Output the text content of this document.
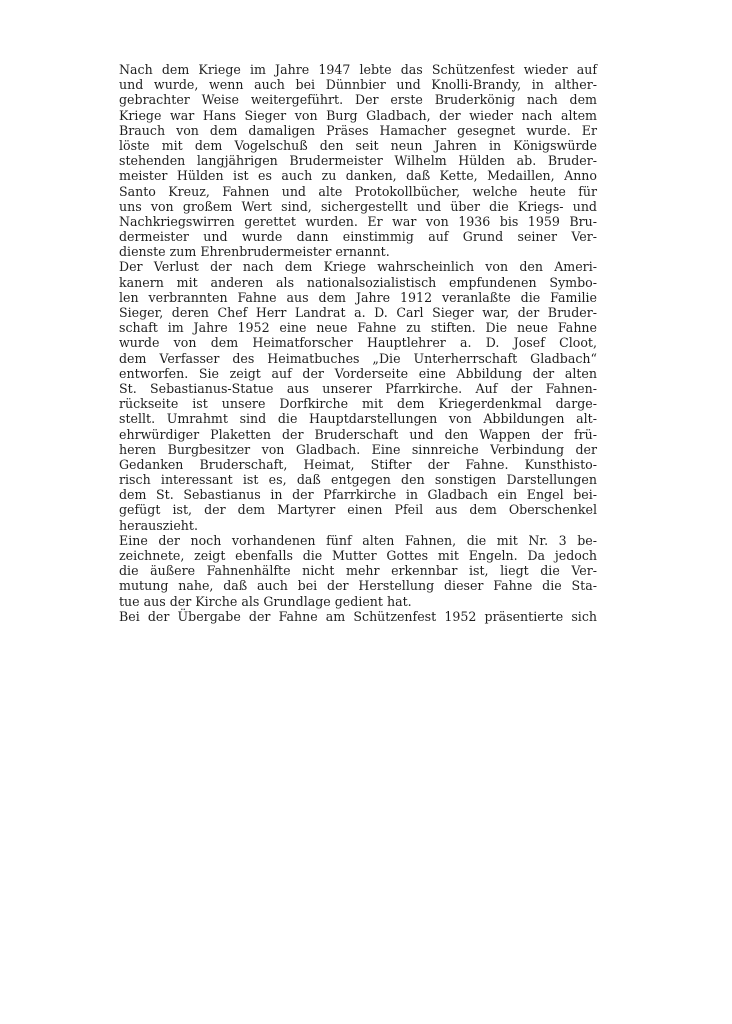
Nach dem Kriege im Jahre 1947 lebte das Schützenfest wieder auf
und wurde, wenn auch bei Dünnbier und Knolli-Brandy, in alther-
gebrachter Weise weitergeführt. Der erste Bruderkönig nach dem
Kriege war Hans Sieger von Burg Gladbach, der wieder nach altem
Brauch von dem damaligen Präses Hamacher gesegnet wurde. Er
löste mit dem Vogelschuß den seit neun Jahren in Königswürde
stehenden langjährigen Brudermeister Wilhelm Hülden ab. Bruder-
meister Hülden ist es auch zu danken, daß Kette, Medaillen, Anno
Santo Kreuz, Fahnen und alte Protokollbücher, welche heute für
uns von großem Wert sind, sichergestellt und über die Kriegs- und
Nachkriegswirren gerettet wurden. Er war von 1936 bis 1959 Bru-
dermeister und wurde dann einstimmig auf Grund seiner Ver-
dienste zum Ehrenbrudermeister ernannt.
Der Verlust der nach dem Kriege wahrscheinlich von den Ameri-
kanern mit anderen als nationalsozialistisch empfundenen Symbo-
len verbrannten Fahne aus dem Jahre 1912 veranlaßte die Familie
Sieger, deren Chef Herr Landrat a. D. Carl Sieger war, der Bruder-
schaft im Jahre 1952 eine neue Fahne zu stiften. Die neue Fahne
wurde von dem Heimatforscher Hauptlehrer a. D. Josef Cloot,
dem Verfasser des Heimatbuches „Die Unterherrschaft Gladbach“
entworfen. Sie zeigt auf der Vorderseite eine Abbildung der alten
St. Sebastianus-Statue aus unserer Pfarrkirche. Auf der Fahnen-
rückseite ist unsere Dorfkirche mit dem Kriegerdenkmal darge-
stellt. Umrahmt sind die Hauptdarstellungen von Abbildungen alt-
ehrwürdiger Plaketten der Bruderschaft und den Wappen der frü-
heren Burgbesitzer von Gladbach. Eine sinnreiche Verbindung der
Gedanken Bruderschaft, Heimat, Stifter der Fahne. Kunsthisto-
risch interessant ist es, daß entgegen den sonstigen Darstellungen
dem St. Sebastianus in der Pfarrkirche in Gladbach ein Engel bei-
gefügt ist, der dem Martyrer einen Pfeil aus dem Oberschenkel
herauszieht.
Eine der noch vorhandenen fünf alten Fahnen, die mit Nr. 3 be-
zeichnete, zeigt ebenfalls die Mutter Gottes mit Engeln. Da jedoch
die äußere Fahnenhälfte nicht mehr erkennbar ist, liegt die Ver-
mutung nahe, daß auch bei der Herstellung dieser Fahne die Sta-
tue aus der Kirche als Grundlage gedient hat.
Bei der Übergabe der Fahne am Schützenfest 1952 präsentierte sich
